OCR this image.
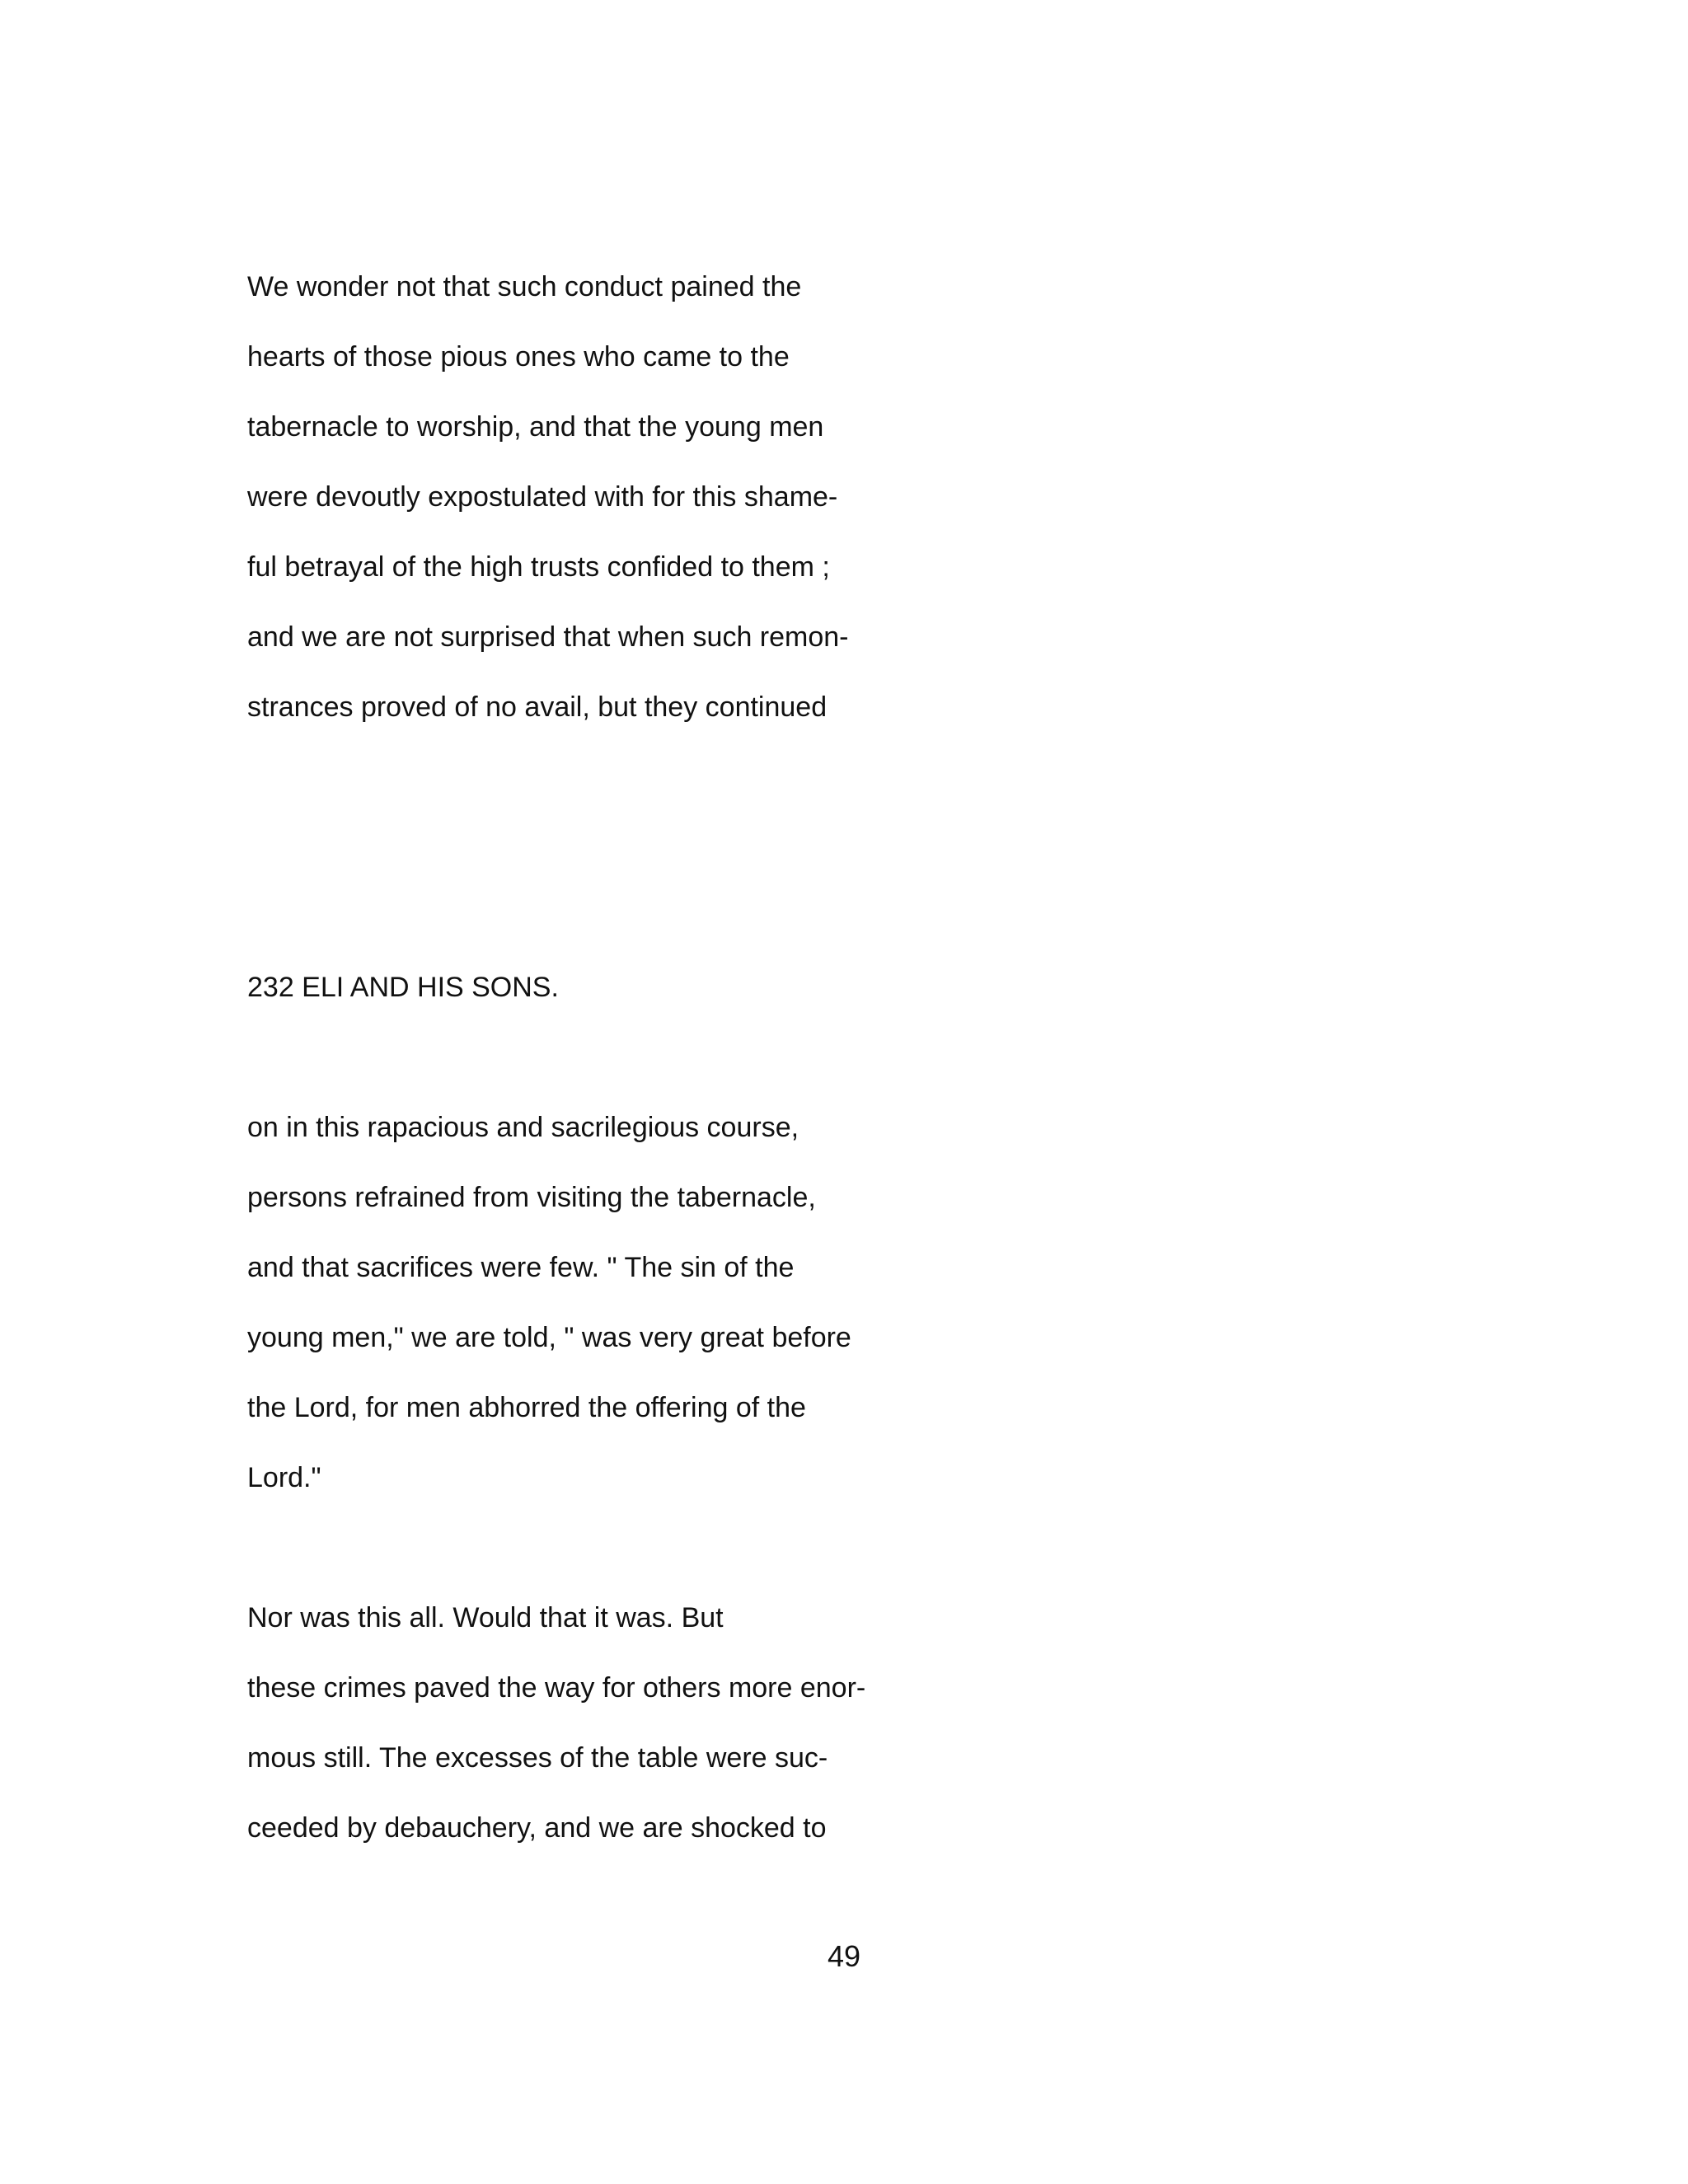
We wonder not that such conduct pained the
hearts of those pious ones who came to the
tabernacle to worship, and that the young men
were devoutly expostulated with for this shame-
ful betrayal of the high trusts confided to them ;
and we are not surprised that when such remon-
strances proved of no avail, but they continued
232 ELI AND HIS SONS.
on in this rapacious and sacrilegious course,
persons refrained from visiting the tabernacle,
and that sacrifices were few. " The sin of the
young men," we are told, " was very great before
the Lord, for men abhorred the offering of the
Lord."
Nor was this all. Would that it was. But
these crimes paved the way for others more enor-
mous still. The excesses of the table were suc-
ceeded by debauchery, and we are shocked to
49
